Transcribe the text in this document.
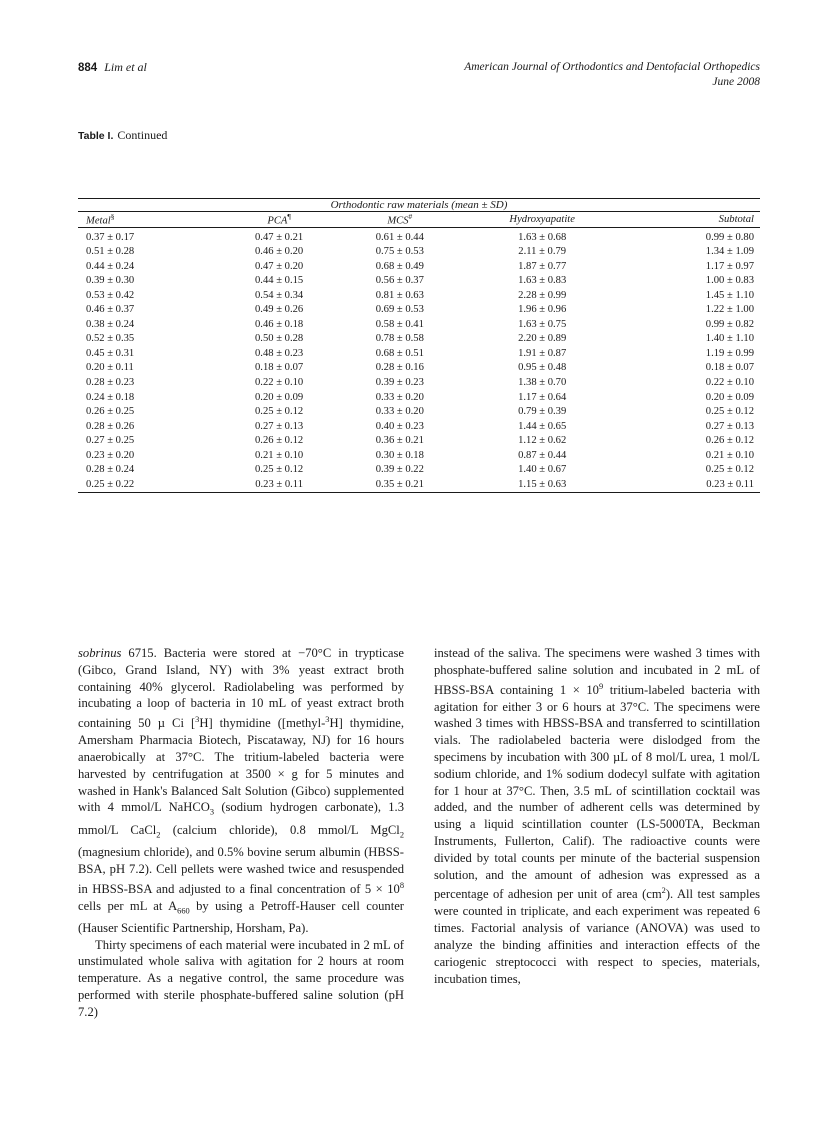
884 Lim et al	American Journal of Orthodontics and Dentofacial Orthopedics
June 2008
Table I. Continued

Orthodontic raw materials (mean ± SD)				
Metal§	PCA¶	MCS#	Hydroxyapatite	Subtotal
0.37 ± 0.17	0.47 ± 0.21	0.61 ± 0.44	1.63 ± 0.68	0.99 ± 0.80
0.51 ± 0.28	0.46 ± 0.20	0.75 ± 0.53	2.11 ± 0.79	1.34 ± 1.09
0.44 ± 0.24	0.47 ± 0.20	0.68 ± 0.49	1.87 ± 0.77	1.17 ± 0.97
0.39 ± 0.30	0.44 ± 0.15	0.56 ± 0.37	1.63 ± 0.83	1.00 ± 0.83
0.53 ± 0.42	0.54 ± 0.34	0.81 ± 0.63	2.28 ± 0.99	1.45 ± 1.10
0.46 ± 0.37	0.49 ± 0.26	0.69 ± 0.53	1.96 ± 0.96	1.22 ± 1.00
0.38 ± 0.24	0.46 ± 0.18	0.58 ± 0.41	1.63 ± 0.75	0.99 ± 0.82
0.52 ± 0.35	0.50 ± 0.28	0.78 ± 0.58	2.20 ± 0.89	1.40 ± 1.10
0.45 ± 0.31	0.48 ± 0.23	0.68 ± 0.51	1.91 ± 0.87	1.19 ± 0.99
0.20 ± 0.11	0.18 ± 0.07	0.28 ± 0.16	0.95 ± 0.48	0.18 ± 0.07
0.28 ± 0.23	0.22 ± 0.10	0.39 ± 0.23	1.38 ± 0.70	0.22 ± 0.10
0.24 ± 0.18	0.20 ± 0.09	0.33 ± 0.20	1.17 ± 0.64	0.20 ± 0.09
0.26 ± 0.25	0.25 ± 0.12	0.33 ± 0.20	0.79 ± 0.39	0.25 ± 0.12
0.28 ± 0.26	0.27 ± 0.13	0.40 ± 0.23	1.44 ± 0.65	0.27 ± 0.13
0.27 ± 0.25	0.26 ± 0.12	0.36 ± 0.21	1.12 ± 0.62	0.26 ± 0.12
0.23 ± 0.20	0.21 ± 0.10	0.30 ± 0.18	0.87 ± 0.44	0.21 ± 0.10
0.28 ± 0.24	0.25 ± 0.12	0.39 ± 0.22	1.40 ± 0.67	0.25 ± 0.12
0.25 ± 0.22	0.23 ± 0.11	0.35 ± 0.21	1.15 ± 0.63	0.23 ± 0.11

sobrinus 6715. Bacteria were stored at −70°C in trypticase (Gibco, Grand Island, NY) with 3% yeast extract broth containing 40% glycerol. Radiolabeling was performed by incubating a loop of bacteria in 10 mL of yeast extract broth containing 50 µ Ci [$^3$H] thymidine ([methyl-$^3$H] thymidine, Amersham Pharmacia Biotech, Piscataway, NJ) for 16 hours anaerobically at 37°C. The tritium-labeled bacteria were harvested by centrifugation at 3500 × g for 5 minutes and washed in Hank's Balanced Salt Solution (Gibco) supplemented with 4 mmol/L NaHCO$_3$ (sodium hydrogen carbonate), 1.3 mmol/L CaCl$_2$ (calcium chloride), 0.8 mmol/L MgCl$_2$ (magnesium chloride), and 0.5% bovine serum albumin (HBSS-BSA, pH 7.2). Cell pellets were washed twice and resuspended in HBSS-BSA and adjusted to a final concentration of $5 \times 10^8$ cells per mL at $A_{660}$ by using a Petroff-Hauser cell counter (Hauser Scientific Partnership, Horsham, Pa).

Thirty specimens of each material were incubated in 2 mL of unstimulated whole saliva with agitation for 2 hours at room temperature. As a negative control, the same procedure was performed with sterile phosphate-buffered saline solution (pH 7.2)

instead of the saliva. The specimens were washed 3 times with phosphate-buffered saline solution and incubated in 2 mL of HBSS-BSA containing $1 \times 10^9$ tritium-labeled bacteria with agitation for either 3 or 6 hours at 37°C. The specimens were washed 3 times with HBSS-BSA and transferred to scintillation vials. The radiolabeled bacteria were dislodged from the specimens by incubation with 300 µL of 8 mol/L urea, 1 mol/L sodium chloride, and 1% sodium dodecyl sulfate with agitation for 1 hour at 37°C. Then, 3.5 mL of scintillation cocktail was added, and the number of adherent cells was determined by using a liquid scintillation counter (LS-5000TA, Beckman Instruments, Fullerton, Calif). The radioactive counts were divided by total counts per minute of the bacterial suspension solution, and the amount of adhesion was expressed as a percentage of adhesion per unit of area $(cm^2)$. All test samples were counted in triplicate, and each experiment was repeated 6 times. Factorial analysis of variance (ANOVA) was used to analyze the binding affinities and interaction effects of the cariogenic streptococci with respect to species, materials, incubation times,
